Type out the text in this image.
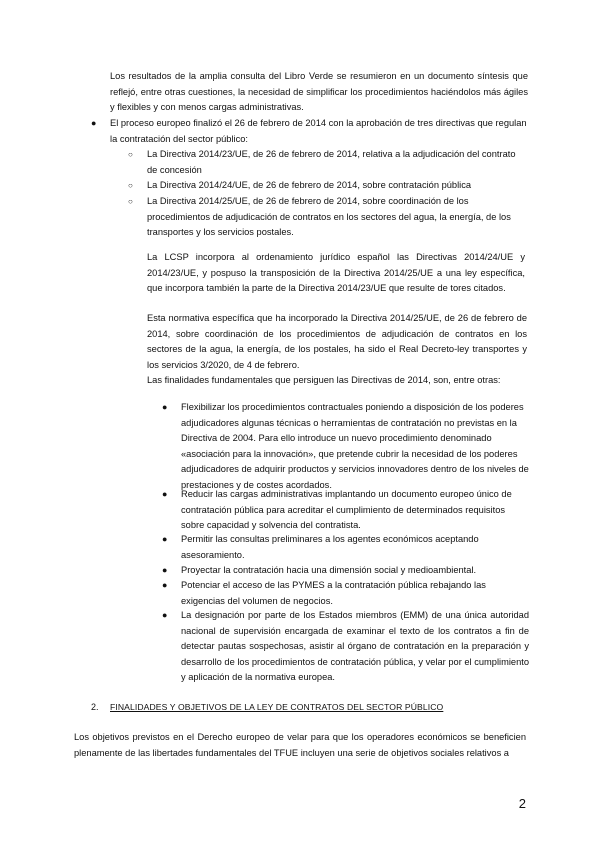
Los resultados de la amplia consulta del Libro Verde se resumieron en un documento síntesis que reflejó, entre otras cuestiones, la necesidad de simplificar los procedimientos haciéndolos más ágiles y flexibles y con menos cargas administrativas.

● El proceso europeo finalizó el 26 de febrero de 2014 con la aprobación de tres directivas que regulan la contratación del sector público:

○ La Directiva 2014/23/UE, de 26 de febrero de 2014, relativa a la adjudicación del contrato de concesión

○ La Directiva 2014/24/UE, de 26 de febrero de 2014, sobre contratación pública

○ La Directiva 2014/25/UE, de 26 de febrero de 2014, sobre coordinación de los procedimientos de adjudicación de contratos en los sectores del agua, la energía, de los transportes y los servicios postales.

La LCSP incorpora al ordenamiento jurídico español las Directivas 2014/24/UE y 2014/23/UE, y pospuso la transposición de la Directiva 2014/25/UE a una ley específica, que incorpora también la parte de la Directiva 2014/23/UE que resulte de tores citados.

Esta normativa específica que ha incorporado la Directiva 2014/25/UE, de 26 de febrero de 2014, sobre coordinación de los procedimientos de adjudicación de contratos en los sectores de la agua, la energía, de los postales, ha sido el Real Decreto-ley transportes y los servicios 3/2020, de 4 de febrero.

Las finalidades fundamentales que persiguen las Directivas de 2014, son, entre otras:

● Flexibilizar los procedimientos contractuales poniendo a disposición de los poderes adjudicadores algunas técnicas o herramientas de contratación no previstas en la Directiva de 2004. Para ello introduce un nuevo procedimiento denominado «asociación para la innovación», que pretende cubrir la necesidad de los poderes adjudicadores de adquirir productos y servicios innovadores dentro de los niveles de prestaciones y de costes acordados.

● Reducir las cargas administrativas implantando un documento europeo único de contratación pública para acreditar el cumplimiento de determinados requisitos sobre capacidad y solvencia del contratista.

● Permitir las consultas preliminares a los agentes económicos aceptando asesoramiento.

● Proyectar la contratación hacia una dimensión social y medioambiental.

● Potenciar el acceso de las PYMES a la contratación pública rebajando las exigencias del volumen de negocios.

● La designación por parte de los Estados miembros (EMM) de una única autoridad nacional de supervisión encargada de examinar el texto de los contratos a fin de detectar pautas sospechosas, asistir al órgano de contratación en la preparación y desarrollo de los procedimientos de contratación pública, y velar por el cumplimiento y aplicación de la normativa europea.

2. FINALIDADES Y OBJETIVOS DE LA LEY DE CONTRATOS DEL SECTOR PÚBLICO

Los objetivos previstos en el Derecho europeo de velar para que los operadores económicos se beneficien plenamente de las libertades fundamentales del TFUE incluyen una serie de objetivos sociales relativos a

2
